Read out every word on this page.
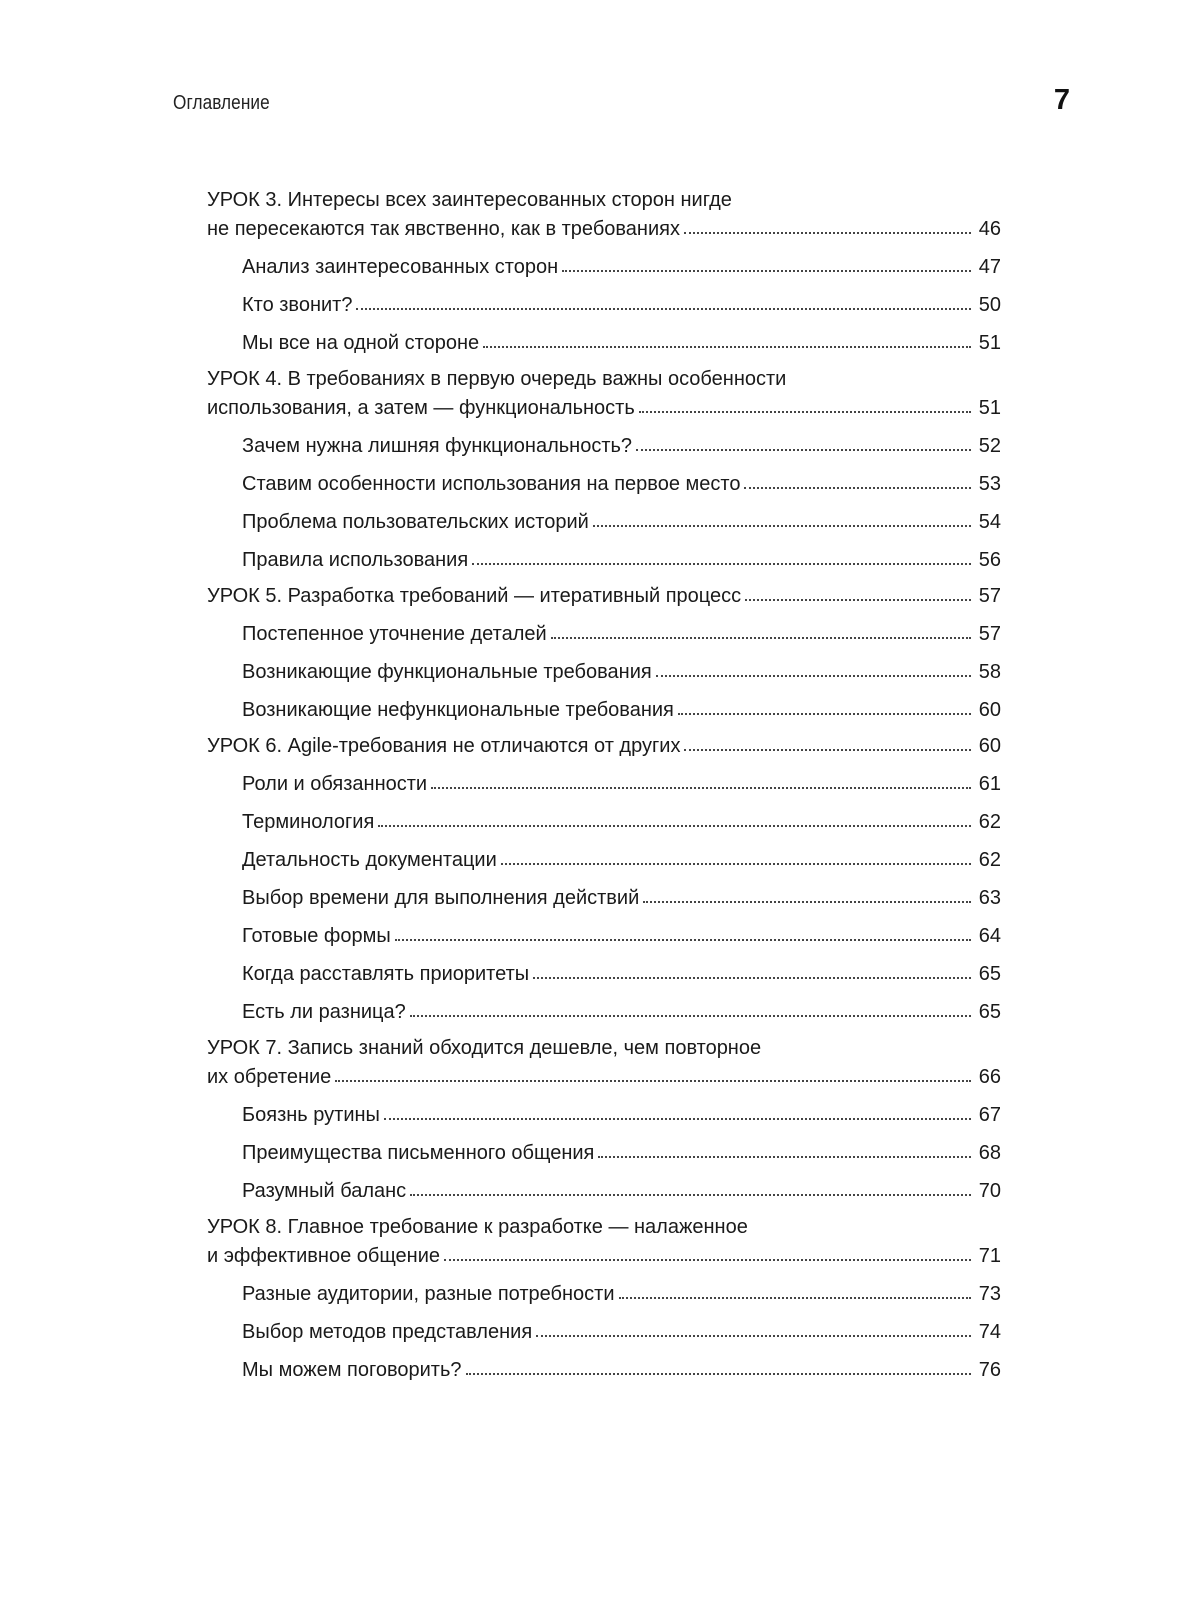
Оглавление	7
УРОК 3. Интересы всех заинтересованных сторон нигде
не пересекаются так явственно, как в требованиях	46
Анализ заинтересованных сторон	47
Кто звонит?	50
Мы все на одной стороне	51
УРОК 4. В требованиях в первую очередь важны особенности
использования, а затем — функциональность	51
Зачем нужна лишняя функциональность?	52
Ставим особенности использования на первое место	53
Проблема пользовательских историй	54
Правила использования	56
УРОК 5. Разработка требований — итеративный процесс	57
Постепенное уточнение деталей	57
Возникающие функциональные требования	58
Возникающие нефункциональные требования	60
УРОК 6. Agile-требования не отличаются от других	60
Роли и обязанности	61
Терминология	62
Детальность документации	62
Выбор времени для выполнения действий	63
Готовые формы	64
Когда расставлять приоритеты	65
Есть ли разница?	65
УРОК 7. Запись знаний обходится дешевле, чем повторное
их обретение	66
Боязнь рутины	67
Преимущества письменного общения	68
Разумный баланс	70
УРОК 8. Главное требование к разработке — налаженное
и эффективное общение	71
Разные аудитории, разные потребности	73
Выбор методов представления	74
Мы можем поговорить?	76
